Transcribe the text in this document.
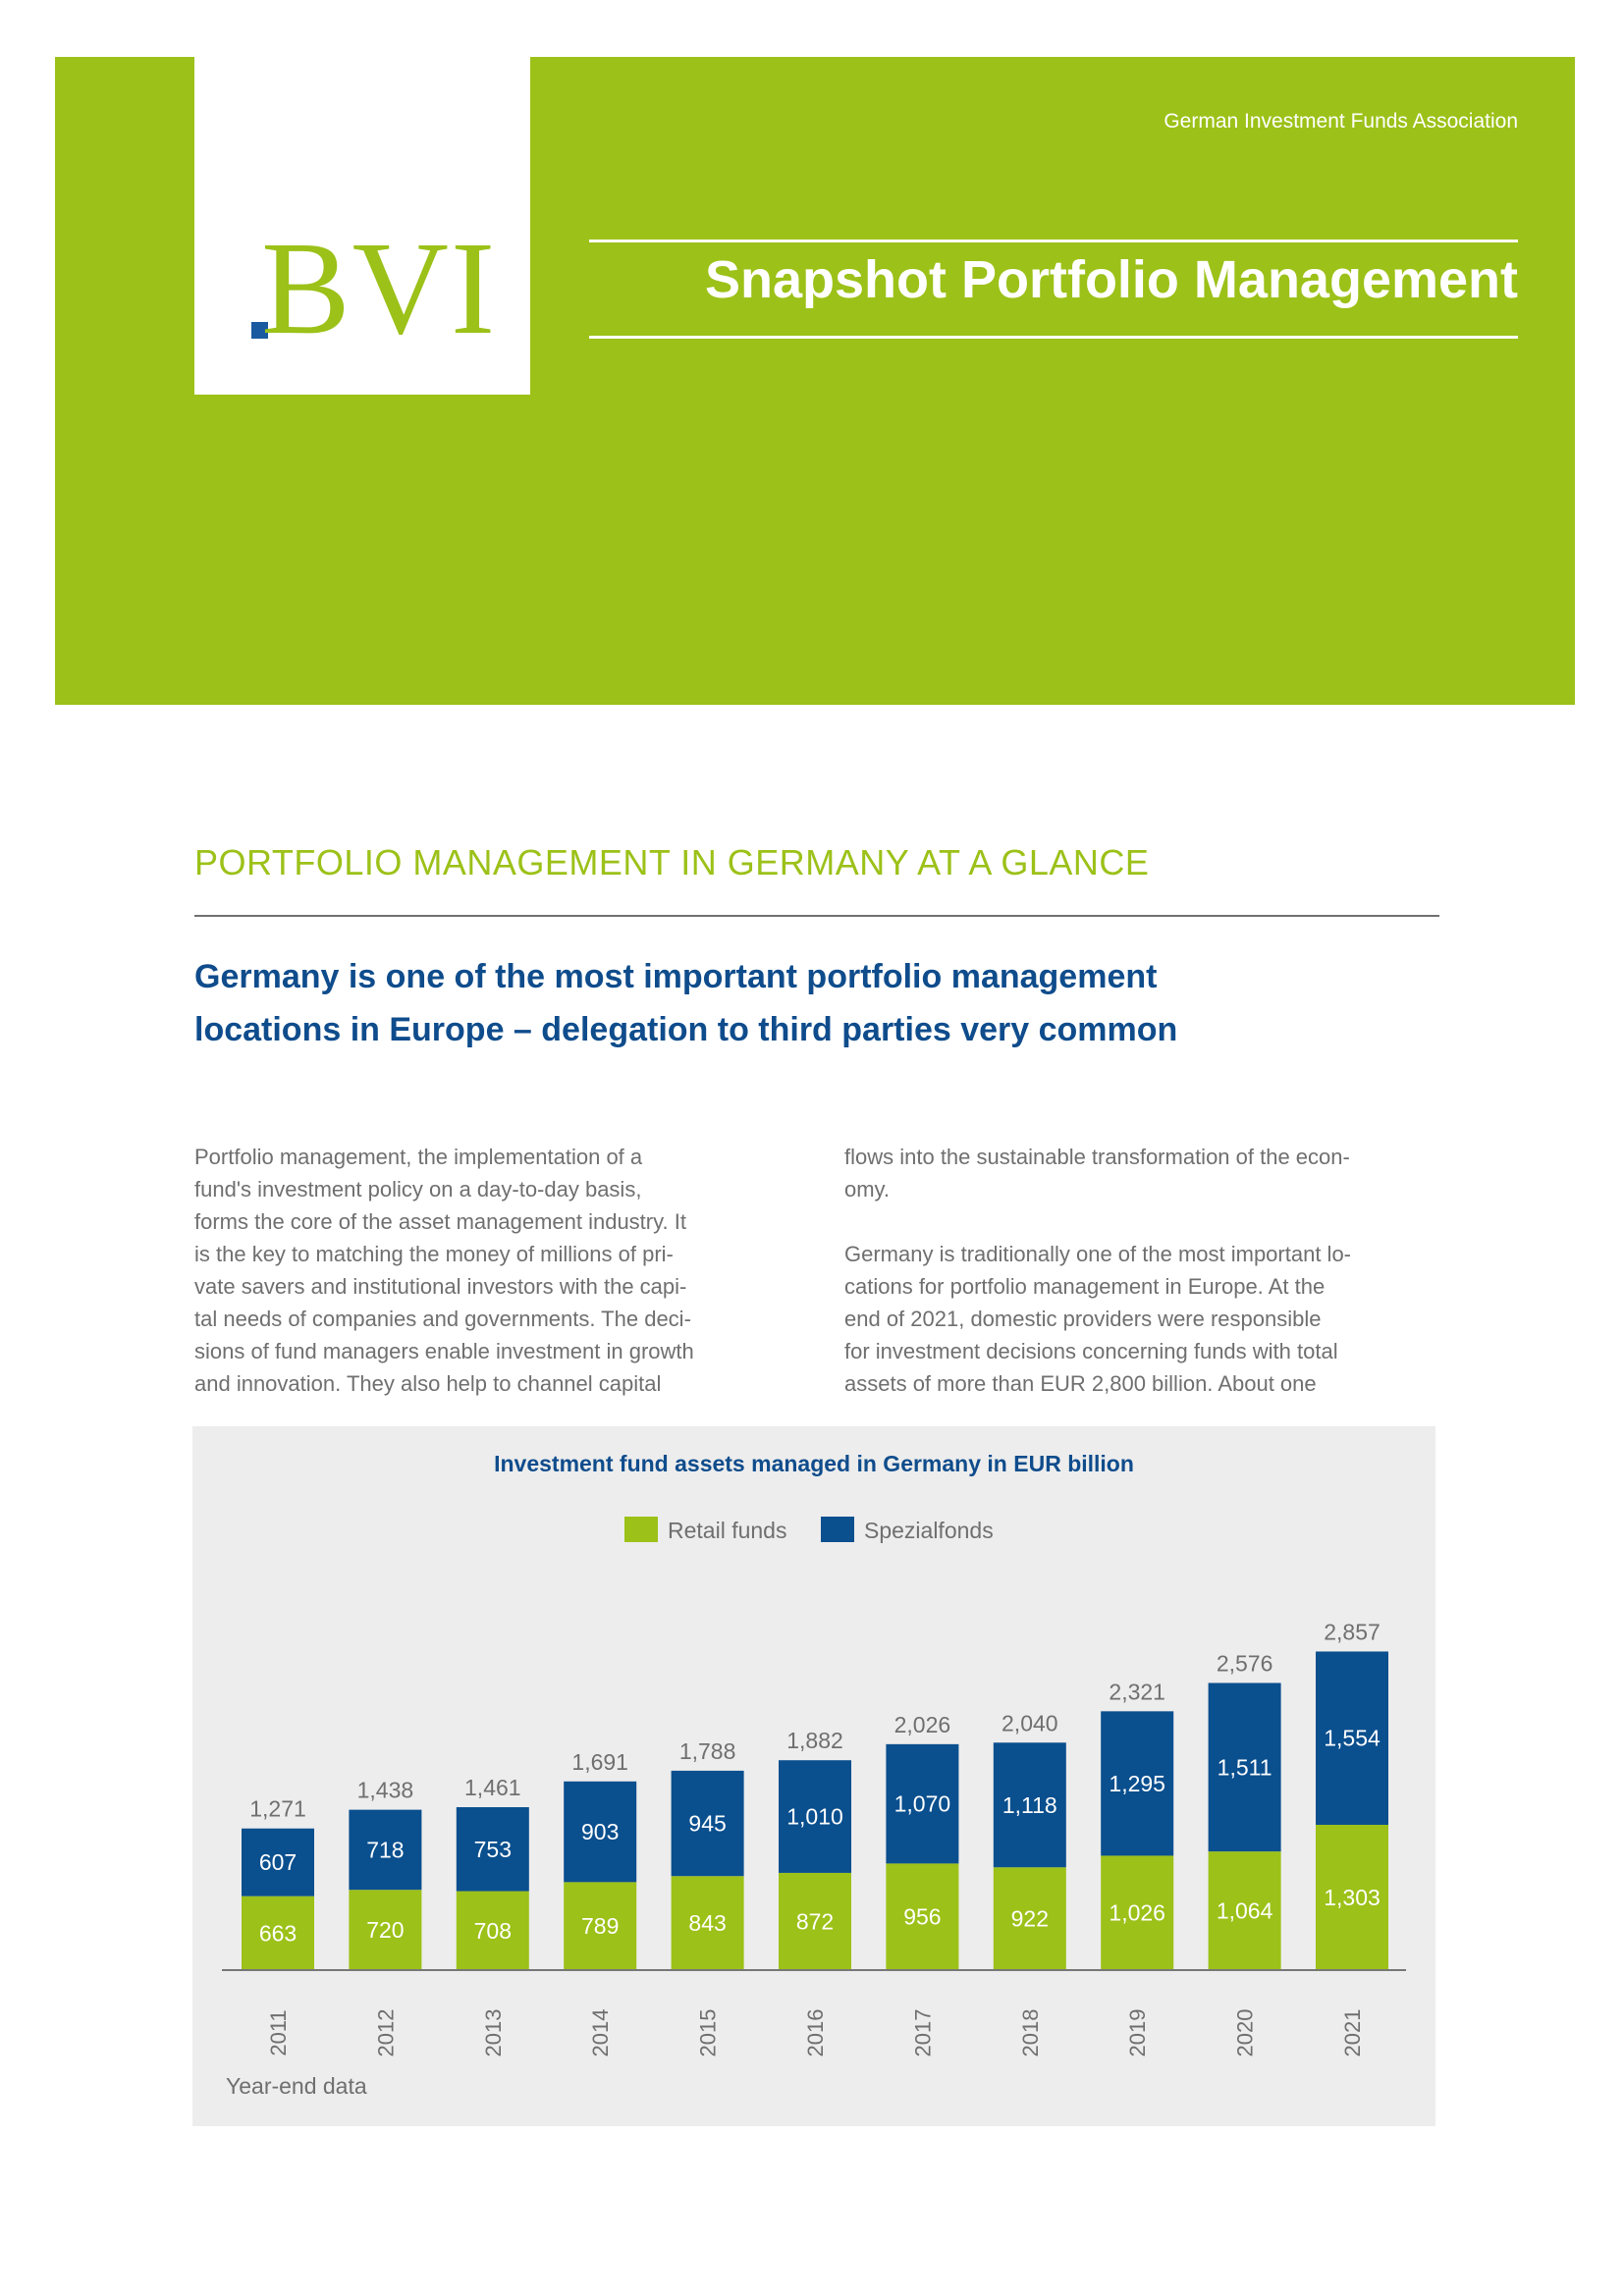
BVI
German Investment Funds Association
Snapshot Portfolio Management
PORTFOLIO MANAGEMENT IN GERMANY AT A GLANCE
Germany is one of the most important portfolio management
locations in Europe – delegation to third parties very common

Portfolio management, the implementation of a

fund's investment policy on a day-to-day basis,

forms the core of the asset management industry. It

is the key to matching the money of millions of pri-

vate savers and institutional investors with the capi-

tal needs of companies and governments. The deci-

sions of fund managers enable investment in growth

and innovation. They also help to channel capital

flows into the sustainable transformation of the econ-

omy.

Germany is traditionally one of the most important lo-

cations for portfolio management in Europe. At the

end of 2021, domestic providers were responsible

for investment decisions concerning funds with total

assets of more than EUR 2,800 billion. About one

Investment fund assets managed in Germany in EUR billion
Retail funds	Spezialfonds
663
607
1,271
2011
720
718
1,438
2012
708
753
1,461
2013
789
903
1,691
2014
843
945
1,788
2015
872
1,010
1,882
2016
956
1,070
2,026
2017
922
1,118
2,040
2018
1,026
1,295
2,321
2019
1,064
1,511
2,576
2020
1,303
1,554
2,857
2021
Year-end data
